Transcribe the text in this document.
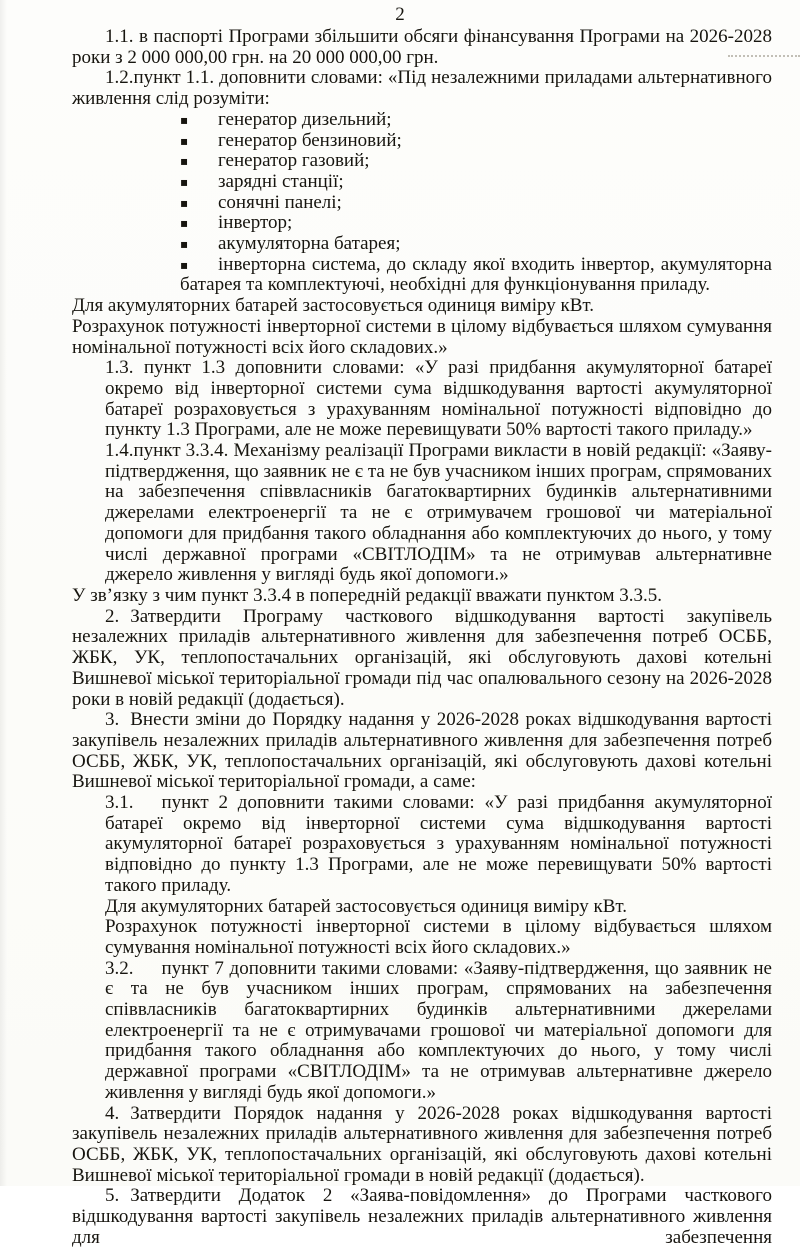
2

1.1. в паспорті Програми збільшити обсяги фінансування Програми на 2026-2028 роки з 2 000 000,00 грн. на 20 000 000,00 грн.

1.2.пункт 1.1. доповнити словами: «Під незалежними приладами альтернативного живлення слід розуміти:

▪ генератор дизельний;
▪ генератор бензиновий;
▪ генератор газовий;
▪ зарядні станції;
▪ сонячні панелі;
▪ інвертор;
▪ акумуляторна батарея;
▪ інверторна система, до складу якої входить інвертор, акумуляторна батарея та комплектуючі, необхідні для функціонування приладу.

Для акумуляторних батарей застосовується одиниця виміру кВт.

Розрахунок потужності інверторної системи в цілому відбувається шляхом сумування номінальної потужності всіх його складових.»

1.3. пункт 1.3 доповнити словами: «У разі придбання акумуляторної батареї окремо від інверторної системи сума відшкодування вартості акумуляторної батареї розраховується з урахуванням номінальної потужності відповідно до пункту 1.3 Програми, але не може перевищувати 50% вартості такого приладу.»

1.4.пункт 3.3.4. Механізму реалізації Програми викласти в новій редакції: «Заяву-підтвердження, що заявник не є та не був учасником інших програм, спрямованих на забезпечення співвласників багатоквартирних будинків альтернативними джерелами електроенергії та не є отримувачем грошової чи матеріальної допомоги для придбання такого обладнання або комплектуючих до нього, у тому числі державної програми «СВІТЛОДІМ» та не отримував альтернативне джерело живлення у вигляді будь якої допомоги.»

У зв’язку з чим пункт 3.3.4 в попередній редакції вважати пунктом 3.3.5.

2. Затвердити Програму часткового відшкодування вартості закупівель незалежних приладів альтернативного живлення для забезпечення потреб ОСББ, ЖБК, УК, теплопостачальних організацій, які обслуговують дахові котельні Вишневої міської територіальної громади під час опалювального сезону на 2026-2028 роки в новій редакції (додається).

3. Внести зміни до Порядку надання у 2026-2028 роках відшкодування вартості закупівель незалежних приладів альтернативного живлення для забезпечення потреб ОСББ, ЖБК, УК, теплопостачальних організацій, які обслуговують дахові котельні Вишневої міської територіальної громади, а саме:

3.1. пункт 2 доповнити такими словами: «У разі придбання акумуляторної батареї окремо від інверторної системи сума відшкодування вартості акумуляторної батареї розраховується з урахуванням номінальної потужності відповідно до пункту 1.3 Програми, але не може перевищувати 50% вартості такого приладу.

Для акумуляторних батарей застосовується одиниця виміру кВт.

Розрахунок потужності інверторної системи в цілому відбувається шляхом сумування номінальної потужності всіх його складових.»

3.2. пункт 7 доповнити такими словами: «Заяву-підтвердження, що заявник не є та не був учасником інших програм, спрямованих на забезпечення співвласників багатоквартирних будинків альтернативними джерелами електроенергії та не є отримувачами грошової чи матеріальної допомоги для придбання такого обладнання або комплектуючих до нього, у тому числі державної програми «СВІТЛОДІМ» та не отримував альтернативне джерело живлення у вигляді будь якої допомоги.»

4. Затвердити Порядок надання у 2026-2028 роках відшкодування вартості закупівель незалежних приладів альтернативного живлення для забезпечення потреб ОСББ, ЖБК, УК, теплопостачальних організацій, які обслуговують дахові котельні Вишневої міської територіальної громади в новій редакції (додається).

5. Затвердити Додаток 2 «Заява-повідомлення» до Програми часткового відшкодування вартості закупівель незалежних приладів альтернативного живлення для забезпечення
